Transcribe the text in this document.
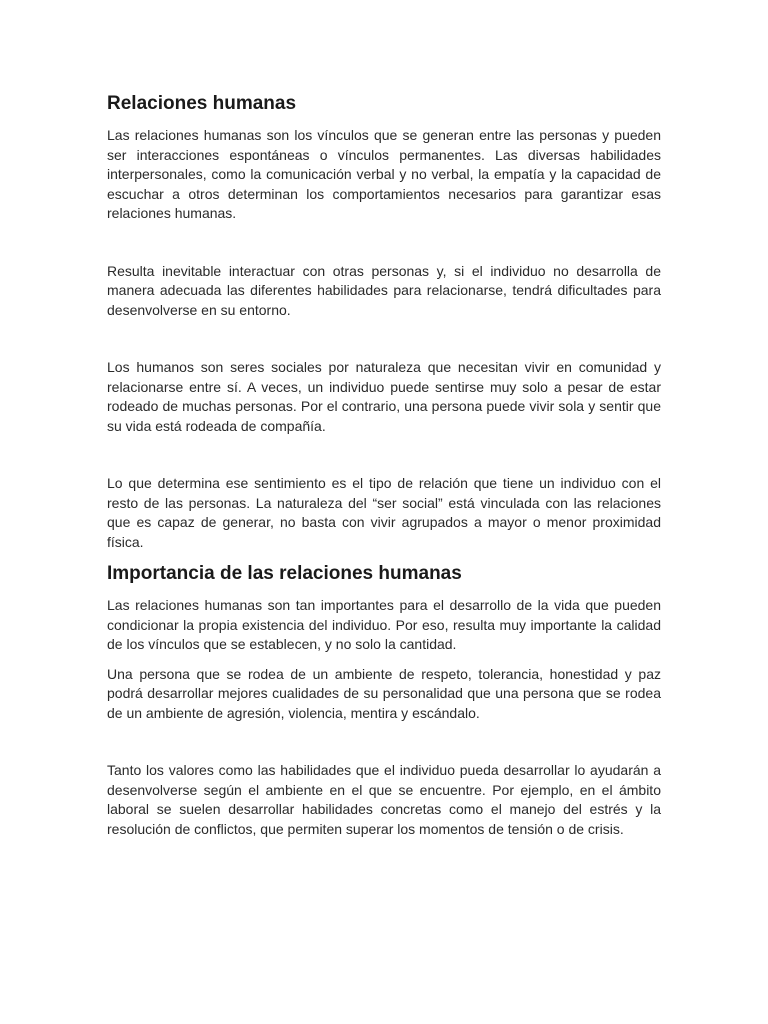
Relaciones humanas

Las relaciones humanas son los vínculos que se generan entre las personas y pueden ser interacciones espontáneas o vínculos permanentes. Las diversas habilidades interpersonales, como la comunicación verbal y no verbal, la empatía y la capacidad de escuchar a otros determinan los comportamientos necesarios para garantizar esas relaciones humanas.

Resulta inevitable interactuar con otras personas y, si el individuo no desarrolla de manera adecuada las diferentes habilidades para relacionarse, tendrá dificultades para desenvolverse en su entorno.

Los humanos son seres sociales por naturaleza que necesitan vivir en comunidad y relacionarse entre sí. A veces, un individuo puede sentirse muy solo a pesar de estar rodeado de muchas personas. Por el contrario, una persona puede vivir sola y sentir que su vida está rodeada de compañía.

Lo que determina ese sentimiento es el tipo de relación que tiene un individuo con el resto de las personas. La naturaleza del “ser social” está vinculada con las relaciones que es capaz de generar, no basta con vivir agrupados a mayor o menor proximidad física.

Importancia de las relaciones humanas

Las relaciones humanas son tan importantes para el desarrollo de la vida que pueden condicionar la propia existencia del individuo. Por eso, resulta muy importante la calidad de los vínculos que se establecen, y no solo la cantidad.

Una persona que se rodea de un ambiente de respeto, tolerancia, honestidad y paz podrá desarrollar mejores cualidades de su personalidad que una persona que se rodea de un ambiente de agresión, violencia, mentira y escándalo.

Tanto los valores como las habilidades que el individuo pueda desarrollar lo ayudarán a desenvolverse según el ambiente en el que se encuentre. Por ejemplo, en el ámbito laboral se suelen desarrollar habilidades concretas como el manejo del estrés y la resolución de conflictos, que permiten superar los momentos de tensión o de crisis.
